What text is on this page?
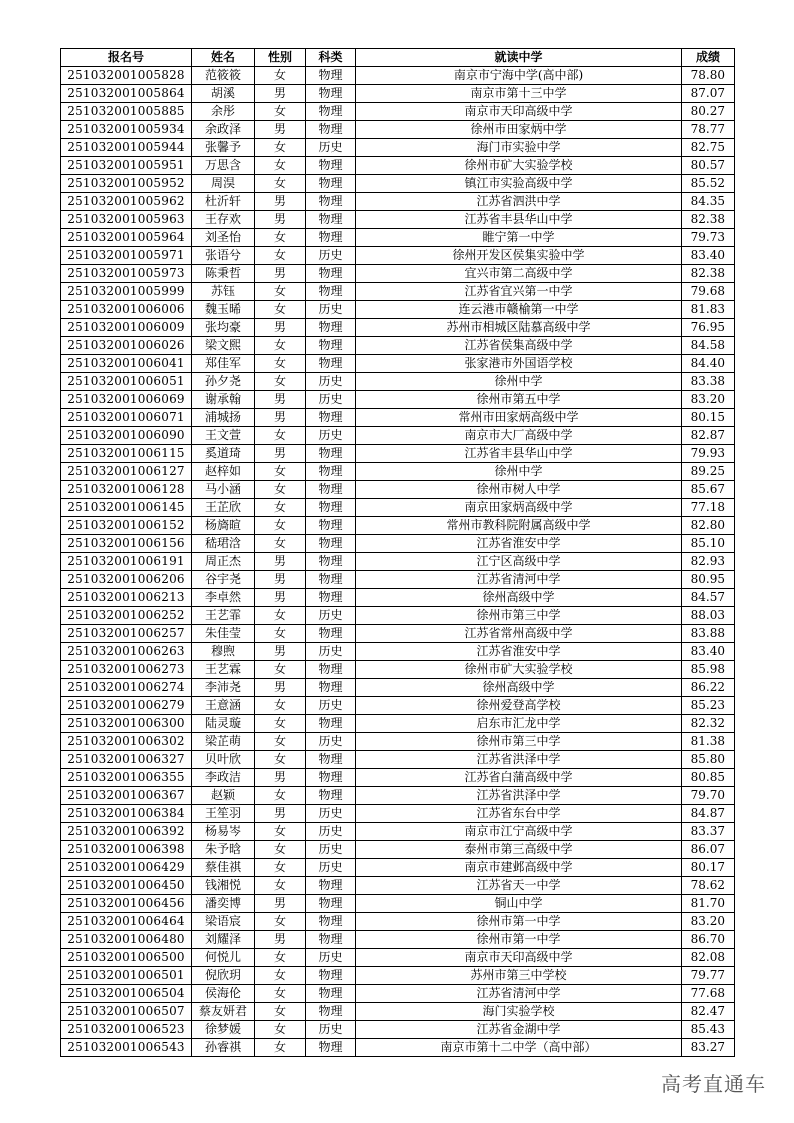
报名号	姓名	性别	科类	就读中学	成绩
251032001005828	范筱筱	女	物理	南京市宁海中学(高中部)	78.80
251032001005864	胡溪	男	物理	南京市第十三中学	87.07
251032001005885	余彤	女	物理	南京市天印高级中学	80.27
251032001005934	余政泽	男	物理	徐州市田家炳中学	78.77
251032001005944	张馨予	女	历史	海门市实验中学	82.75
251032001005951	万思含	女	物理	徐州市矿大实验学校	80.57
251032001005952	周淏	女	物理	镇江市实验高级中学	85.52
251032001005962	杜沂轩	男	物理	江苏省泗洪中学	84.35
251032001005963	王存欢	男	物理	江苏省丰县华山中学	82.38
251032001005964	刘圣怡	女	物理	睢宁第一中学	79.73
251032001005971	张语兮	女	历史	徐州开发区侯集实验中学	83.40
251032001005973	陈秉哲	男	物理	宜兴市第二高级中学	82.38
251032001005999	苏钰	女	物理	江苏省宜兴第一中学	79.68
251032001006006	魏玉晞	女	历史	连云港市赣榆第一中学	81.83
251032001006009	张均豪	男	物理	苏州市相城区陆慕高级中学	76.95
251032001006026	梁文熙	女	物理	江苏省侯集高级中学	84.58
251032001006041	郑佳军	女	物理	张家港市外国语学校	84.40
251032001006051	孙夕尧	女	历史	徐州中学	83.38
251032001006069	谢承翰	男	历史	徐州市第五中学	83.20
251032001006071	浦城扬	男	物理	常州市田家炳高级中学	80.15
251032001006090	王文萱	女	历史	南京市大厂高级中学	82.87
251032001006115	奚道琦	男	物理	江苏省丰县华山中学	79.93
251032001006127	赵梓如	女	物理	徐州中学	89.25
251032001006128	马小涵	女	物理	徐州市树人中学	85.67
251032001006145	王芷欣	女	物理	南京田家炳高级中学	77.18
251032001006152	杨旖暄	女	物理	常州市教科院附属高级中学	82.80
251032001006156	嵇珺浛	女	物理	江苏省淮安中学	85.10
251032001006191	周正杰	男	物理	江宁区高级中学	82.93
251032001006206	谷宇尧	男	物理	江苏省清河中学	80.95
251032001006213	李卓然	男	物理	徐州高级中学	84.57
251032001006252	王艺霏	女	历史	徐州市第三中学	88.03
251032001006257	朱佳莹	女	物理	江苏省常州高级中学	83.88
251032001006263	穆煦	男	历史	江苏省淮安中学	83.40
251032001006273	王艺霖	女	物理	徐州市矿大实验学校	85.98
251032001006274	李沛尧	男	物理	徐州高级中学	86.22
251032001006279	王意涵	女	历史	徐州爱登高学校	85.23
251032001006300	陆灵璇	女	物理	启东市汇龙中学	82.32
251032001006302	梁芷萌	女	历史	徐州市第三中学	81.38
251032001006327	贝叶欣	女	物理	江苏省洪泽中学	85.80
251032001006355	李政洁	男	物理	江苏省白蒲高级中学	80.85
251032001006367	赵颖	女	物理	江苏省洪泽中学	79.70
251032001006384	王笙羽	男	历史	江苏省东台中学	84.87
251032001006392	杨易岑	女	历史	南京市江宁高级中学	83.37
251032001006398	朱予晗	女	历史	泰州市第三高级中学	86.07
251032001006429	蔡佳祺	女	历史	南京市建邺高级中学	80.17
251032001006450	钱湘悦	女	物理	江苏省天一中学	78.62
251032001006456	潘奕博	男	物理	铜山中学	81.70
251032001006464	梁语宸	女	物理	徐州市第一中学	83.20
251032001006480	刘耀泽	男	物理	徐州市第一中学	86.70
251032001006500	何悦儿	女	历史	南京市天印高级中学	82.08
251032001006501	倪欣玥	女	物理	苏州市第三中学校	79.77
251032001006504	侯海伦	女	物理	江苏省清河中学	77.68
251032001006507	蔡友妍君	女	物理	海门实验学校	82.47
251032001006523	徐梦媛	女	历史	江苏省金湖中学	85.43
251032001006543	孙睿祺	女	物理	南京市第十二中学（高中部）	83.27
高考直通车
